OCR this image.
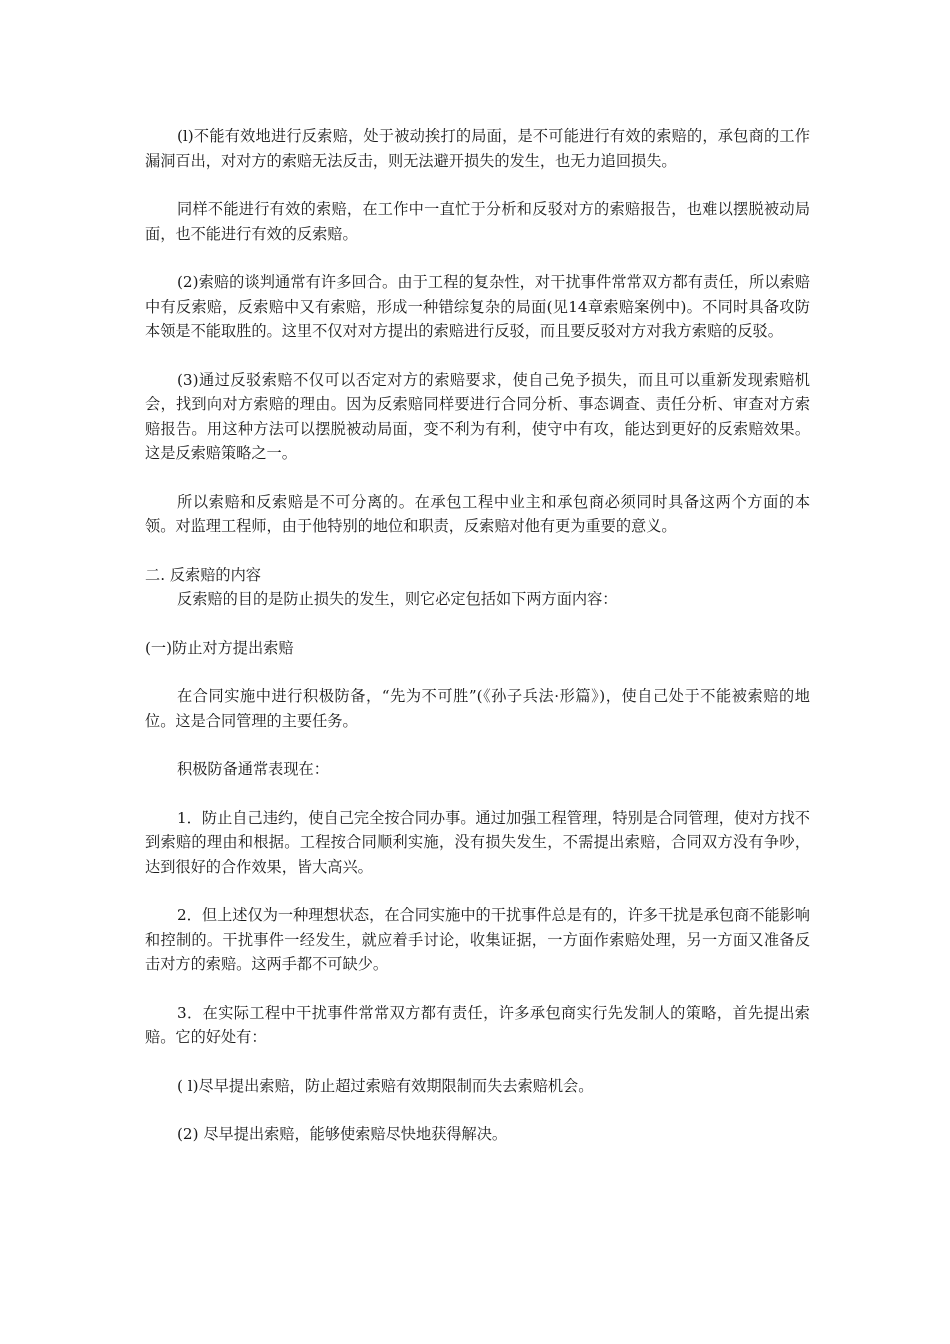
(l)不能有效地进行反索赔，处于被动挨打的局面，是不可能进行有效的索赔的，承包商的工作漏洞百出，对对方的索赔无法反击，则无法避开损失的发生，也无力追回损失。

同样不能进行有效的索赔，在工作中一直忙于分析和反驳对方的索赔报告，也难以摆脱被动局面，也不能进行有效的反索赔。

(2)索赔的谈判通常有许多回合。由于工程的复杂性，对干扰事件常常双方都有责任，所以索赔中有反索赔，反索赔中又有索赔，形成一种错综复杂的局面(见14章索赔案例中)。不同时具备攻防本领是不能取胜的。这里不仅对对方提出的索赔进行反驳，而且要反驳对方对我方索赔的反驳。

(3)通过反驳索赔不仅可以否定对方的索赔要求，使自己免予损失，而且可以重新发现索赔机会，找到向对方索赔的理由。因为反索赔同样要进行合同分析、事态调查、责任分析、审查对方索赔报告。用这种方法可以摆脱被动局面，变不利为有利，使守中有攻，能达到更好的反索赔效果。这是反索赔策略之一。

所以索赔和反索赔是不可分离的。在承包工程中业主和承包商必须同时具备这两个方面的本领。对监理工程师，由于他特别的地位和职责，反索赔对他有更为重要的意义。

二. 反索赔的内容

反索赔的目的是防止损失的发生，则它必定包括如下两方面内容：

(一)防止对方提出索赔

在合同实施中进行积极防备，“先为不可胜”(《孙子兵法·形篇》)，使自己处于不能被索赔的地位。这是合同管理的主要任务。

积极防备通常表现在：

1．防止自己违约，使自己完全按合同办事。通过加强工程管理，特别是合同管理，使对方找不到索赔的理由和根据。工程按合同顺利实施，没有损失发生，不需提出索赔，合同双方没有争吵，达到很好的合作效果，皆大高兴。

2．但上述仅为一种理想状态，在合同实施中的干扰事件总是有的，许多干扰是承包商不能影响和控制的。干扰事件一经发生，就应着手讨论，收集证据，一方面作索赔处理，另一方面又准备反击对方的索赔。这两手都不可缺少。

3．在实际工程中干扰事件常常双方都有责任，许多承包商实行先发制人的策略，首先提出索赔。它的好处有：

( l)尽早提出索赔，防止超过索赔有效期限制而失去索赔机会。

(2) 尽早提出索赔，能够使索赔尽快地获得解决。
